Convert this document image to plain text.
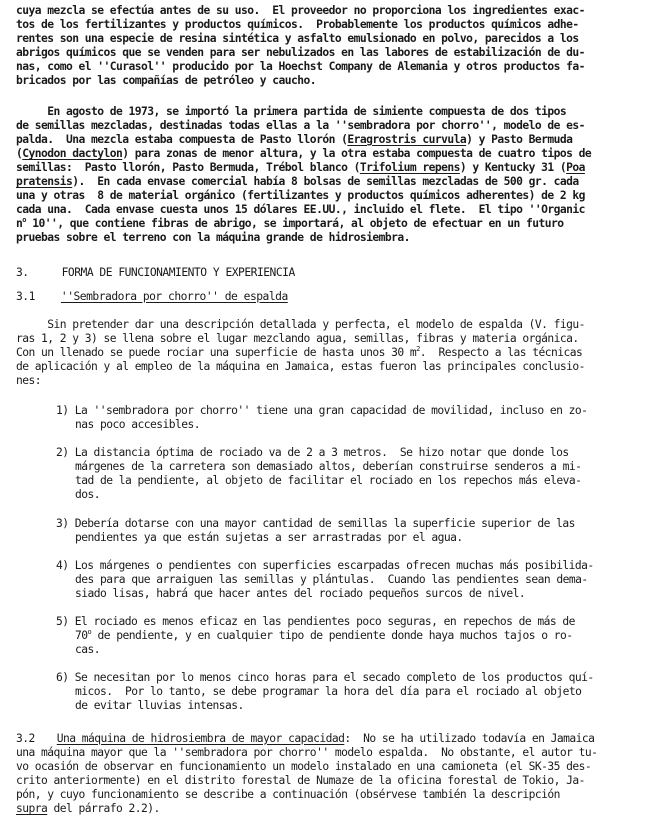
cuya mezcla se efectúa antes de su uso.  El proveedor no proporciona los ingredientes exac-
tos de los fertilizantes y productos químicos.  Probablemente los productos químicos adhe-
rentes son una especie de resina sintética y asfalto emulsionado en polvo, parecidos a los
abrigos químicos que se venden para ser nebulizados en las labores de estabilización de du-
nas, como el ''Curasol'' producido por la Hoechst Company de Alemania y otros productos fa-
bricados por las compañías de petróleo y caucho.
En agosto de 1973, se importó la primera partida de simiente compuesta de dos tipos
de semillas mezcladas, destinadas todas ellas a la ''sembradora por chorro'', modelo de es-
palda.  Una mezcla estaba compuesta de Pasto llorón (Eragrostris curvula) y Pasto Bermuda
(Cynodon dactylon) para zonas de menor altura, y la otra estaba compuesta de cuatro tipos de
semillas:  Pasto llorón, Pasto Bermuda, Trébol blanco (Trifolium repens) y Kentucky 31 (Poa
pratensis).  En cada envase comercial había 8 bolsas de semillas mezcladas de 500 gr. cada
una y otras  8 de material orgánico (fertilizantes y productos químicos adherentes) de 2 kg
cada una.  Cada envase cuesta unos 15 dólares EE.UU., incluido el flete.  El tipo ''Organic
$n^o$ 10'', que contiene fibras de abrigo, se importará, al objeto de efectuar en un futuro
pruebas sobre el terreno con la máquina grande de hidrosiembra.
3.	FORMA DE FUNCIONAMIENTO Y EXPERIENCIA
3.1 ''Sembradora por chorro'' de espalda
Sin pretender dar una descripción detallada y perfecta, el modelo de espalda (V. figu-
ras 1, 2 y 3) se llena sobre el lugar mezclando agua, semillas, fibras y materia orgánica.
Con un llenado se puede rociar una superficie de hasta unos 30 $m^2$.  Respecto a las técnicas
de aplicación y al empleo de la máquina en Jamaica, estas fueron las principales conclusio-
nes:
1) La ''sembradora por chorro'' tiene una gran capacidad de movilidad, incluso en zo-
nas poco accesibles.
2) La distancia óptima de rociado va de 2 a 3 metros.  Se hizo notar que donde los
márgenes de la carretera son demasiado altos, deberían construirse senderos a mi-
tad de la pendiente, al objeto de facilitar el rociado en los repechos más eleva-
dos.
3) Debería dotarse con una mayor cantidad de semillas la superficie superior de las
pendientes ya que están sujetas a ser arrastradas por el agua.
4) Los márgenes o pendientes con superficies escarpadas ofrecen muchas más posibilida-
des para que arraiguen las semillas y plántulas.  Cuando las pendientes sean dema-
siado lisas, habrá que hacer antes del rociado pequeños surcos de nivel.
5) El rociado es menos eficaz en las pendientes poco seguras, en repechos de más de
70$^o$ de pendiente, y en cualquier tipo de pendiente donde haya muchos tajos o ro-
cas.
6) Se necesitan por lo menos cinco horas para el secado completo de los productos quí-
micos.  Por lo tanto, se debe programar la hora del día para el rociado al objeto
de evitar lluvias intensas.
3.2 Una máquina de hidrosiembra de mayor capacidad:  No se ha utilizado todavía en Jamaica
una máquina mayor que la ''sembradora por chorro'' modelo espalda.  No obstante, el autor tu-
vo ocasión de observar en funcionamiento un modelo instalado en una camioneta (el SK-35 des-
crito anteriormente) en el distrito forestal de Numaze de la oficina forestal de Tokio, Ja-
pón, y cuyo funcionamiento se describe a continuación (obsérvese también la descripción
supra del párrafo 2.2).
